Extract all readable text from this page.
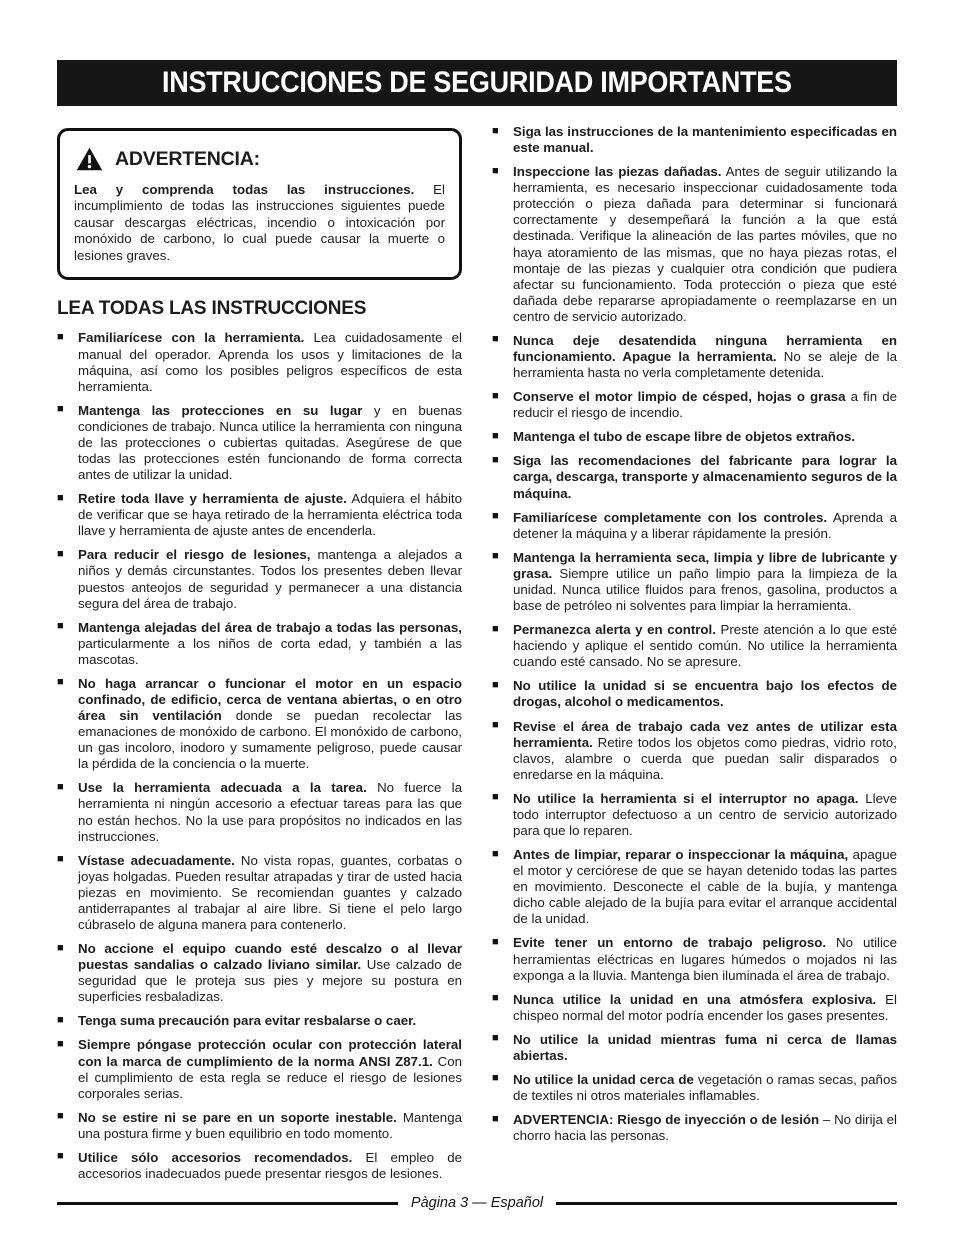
INSTRUCCIONES DE SEGURIDAD IMPORTANTES
ADVERTENCIA:

Lea y comprenda todas las instrucciones. El incumplimiento de todas las instrucciones siguientes puede causar descargas eléctricas, incendio o intoxicación por monóxido de carbono, lo cual puede causar la muerte o lesiones graves.

LEA TODAS LAS INSTRUCCIONES
■ Familiarícese con la herramienta. Lea cuidadosamente el manual del operador. Aprenda los usos y limitaciones de la máquina, así como los posibles peligros específicos de esta herramienta.
■ Mantenga las protecciones en su lugar y en buenas condiciones de trabajo. Nunca utilice la herramienta con ninguna de las protecciones o cubiertas quitadas. Asegúrese de que todas las protecciones estén funcionando de forma correcta antes de utilizar la unidad.
■ Retire toda llave y herramienta de ajuste. Adquiera el hábito de verificar que se haya retirado de la herramienta eléctrica toda llave y herramienta de ajuste antes de encenderla.
■ Para reducir el riesgo de lesiones, mantenga a alejados a niños y demás circunstantes. Todos los presentes deben llevar puestos anteojos de seguridad y permanecer a una distancia segura del área de trabajo.
■ Mantenga alejadas del área de trabajo a todas las personas, particularmente a los niños de corta edad, y también a las mascotas.
■ No haga arrancar o funcionar el motor en un espacio confinado, de edificio, cerca de ventana abiertas, o en otro área sin ventilación donde se puedan recolectar las emanaciones de monóxido de carbono. El monóxido de carbono, un gas incoloro, inodoro y sumamente peligroso, puede causar la pérdida de la conciencia o la muerte.
■ Use la herramienta adecuada a la tarea. No fuerce la herramienta ni ningún accesorio a efectuar tareas para las que no están hechos. No la use para propósitos no indicados en las instrucciones.
■ Vístase adecuadamente. No vista ropas, guantes, corbatas o joyas holgadas. Pueden resultar atrapadas y tirar de usted hacia piezas en movimiento. Se recomiendan guantes y calzado antiderrapantes al trabajar al aire libre. Si tiene el pelo largo cúbraselo de alguna manera para contenerlo.
■ No accione el equipo cuando esté descalzo o al llevar puestas sandalias o calzado liviano similar. Use calzado de seguridad que le proteja sus pies y mejore su postura en superficies resbaladizas.
■ Tenga suma precaución para evitar resbalarse o caer.
■ Siempre póngase protección ocular con protección lateral con la marca de cumplimiento de la norma ANSI Z87.1. Con el cumplimiento de esta regla se reduce el riesgo de lesiones corporales serias.
■ No se estire ni se pare en un soporte inestable. Mantenga una postura firme y buen equilibrio en todo momento.
■ Utilice sólo accesorios recomendados. El empleo de accesorios inadecuados puede presentar riesgos de lesiones.
■ Siga las instrucciones de la mantenimiento especificadas en este manual.
■ Inspeccione las piezas dañadas. Antes de seguir utilizando la herramienta, es necesario inspeccionar cuidadosamente toda protección o pieza dañada para determinar si funcionará correctamente y desempeñará la función a la que está destinada. Verifique la alineación de las partes móviles, que no haya atoramiento de las mismas, que no haya piezas rotas, el montaje de las piezas y cualquier otra condición que pudiera afectar su funcionamiento. Toda protección o pieza que esté dañada debe repararse apropiadamente o reemplazarse en un centro de servicio autorizado.
■ Nunca deje desatendida ninguna herramienta en funcionamiento. Apague la herramienta. No se aleje de la herramienta hasta no verla completamente detenida.
■ Conserve el motor limpio de césped, hojas o grasa a fin de reducir el riesgo de incendio.
■ Mantenga el tubo de escape libre de objetos extraños.
■ Siga las recomendaciones del fabricante para lograr la carga, descarga, transporte y almacenamiento seguros de la máquina.
■ Familiarícese completamente con los controles. Aprenda a detener la máquina y a liberar rápidamente la presión.
■ Mantenga la herramienta seca, limpia y libre de lubricante y grasa. Siempre utilice un paño limpio para la limpieza de la unidad. Nunca utilice fluidos para frenos, gasolina, productos a base de petróleo ni solventes para limpiar la herramienta.
■ Permanezca alerta y en control. Preste atención a lo que esté haciendo y aplique el sentido común. No utilice la herramienta cuando esté cansado. No se apresure.
■ No utilice la unidad si se encuentra bajo los efectos de drogas, alcohol o medicamentos.
■ Revise el área de trabajo cada vez antes de utilizar esta herramienta. Retire todos los objetos como piedras, vidrio roto, clavos, alambre o cuerda que puedan salir disparados o enredarse en la máquina.
■ No utilice la herramienta si el interruptor no apaga. Lleve todo interruptor defectuoso a un centro de servicio autorizado para que lo reparen.
■ Antes de limpiar, reparar o inspeccionar la máquina, apague el motor y cerciórese de que se hayan detenido todas las partes en movimiento. Desconecte el cable de la bujía, y mantenga dicho cable alejado de la bujía para evitar el arranque accidental de la unidad.
■ Evite tener un entorno de trabajo peligroso. No utilice herramientas eléctricas en lugares húmedos o mojados ni las exponga a la lluvia. Mantenga bien iluminada el área de trabajo.
■ Nunca utilice la unidad en una atmósfera explosiva. El chispeo normal del motor podría encender los gases presentes.
■ No utilice la unidad mientras fuma ni cerca de llamas abiertas.
■ No utilice la unidad cerca de vegetación o ramas secas, paños de textiles ni otros materiales inflamables.
■ ADVERTENCIA: Riesgo de inyección o de lesión – No dirija el chorro hacia las personas.
Pàgina 3 — Español
